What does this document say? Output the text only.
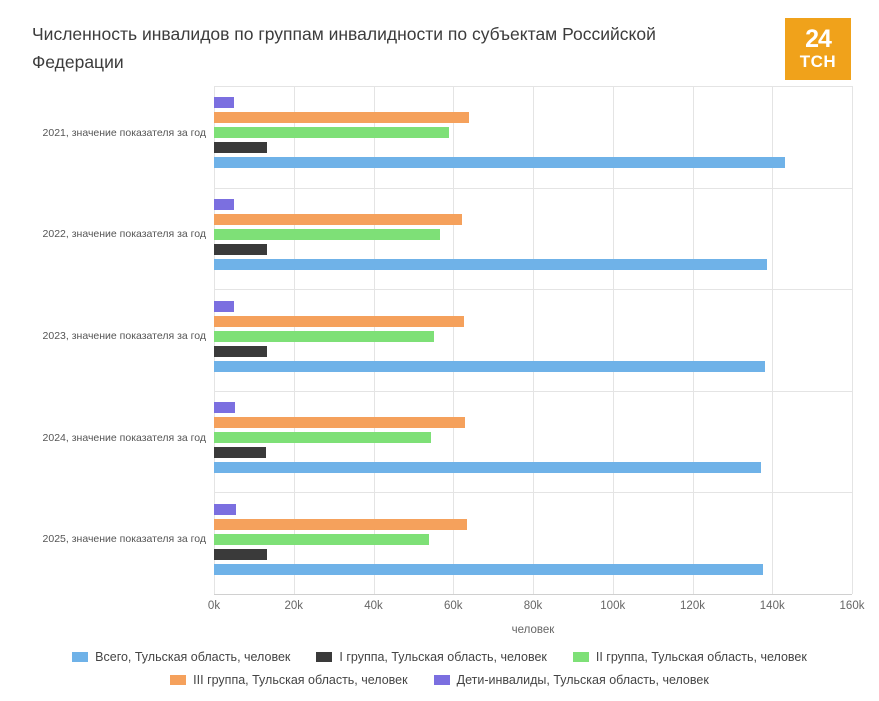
Численность инвалидов по группам инвалидности по субъектам Российской Федерации
24
ТСН
2021, значение показателя за год
2022, значение показателя за год
2023, значение показателя за год
2024, значение показателя за год
2025, значение показателя за год
человек
0k	20k	40k	60k	80k	100k	120k	140k	160k
Всего, Тульская область, человек	I группа, Тульская область, человек	II группа, Тульская область, человек
III группа, Тульская область, человек	Дети-инвалиды, Тульская область, человек
